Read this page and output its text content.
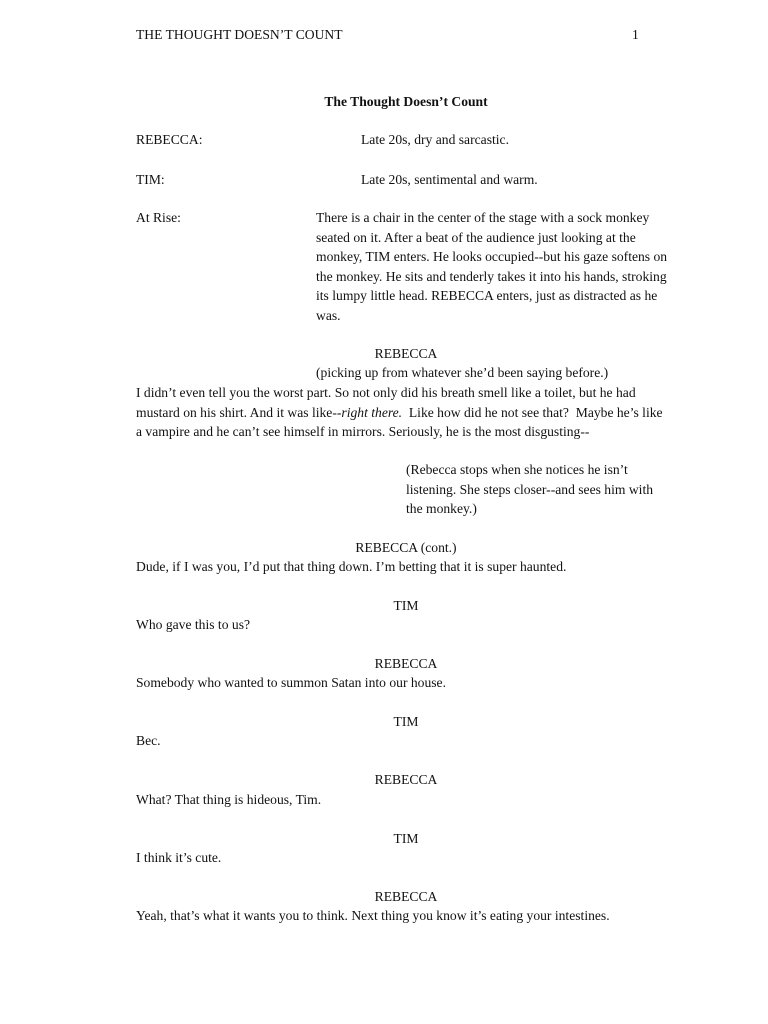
THE THOUGHT DOESN’T COUNT	1
The Thought Doesn’t Count
REBECCA:	Late 20s, dry and sarcastic.
TIM:	Late 20s, sentimental and warm.
At Rise:	There is a chair in the center of the stage with a sock monkey

seated on it. After a beat of the audience just looking at the

monkey, TIM enters. He looks occupied--but his gaze softens on

the monkey. He sits and tenderly takes it into his hands, stroking

its lumpy little head. REBECCA enters, just as distracted as he

was.

REBECCA
(picking up from whatever she’d been saying before.)

I didn’t even tell you the worst part. So not only did his breath smell like a toilet, but he had

mustard on his shirt. And it was like--right there.  Like how did he not see that?  Maybe he’s like

a vampire and he can’t see himself in mirrors. Seriously, he is the most disgusting--

(Rebecca stops when she notices he isn’t

listening. She steps closer--and sees him with

the monkey.)

REBECCA (cont.)
Dude, if I was you, I’d put that thing down. I’m betting that it is super haunted.
TIM
Who gave this to us?
REBECCA
Somebody who wanted to summon Satan into our house.
TIM
Bec.
REBECCA
What? That thing is hideous, Tim.
TIM
I think it’s cute.
REBECCA
Yeah, that’s what it wants you to think. Next thing you know it’s eating your intestines.
